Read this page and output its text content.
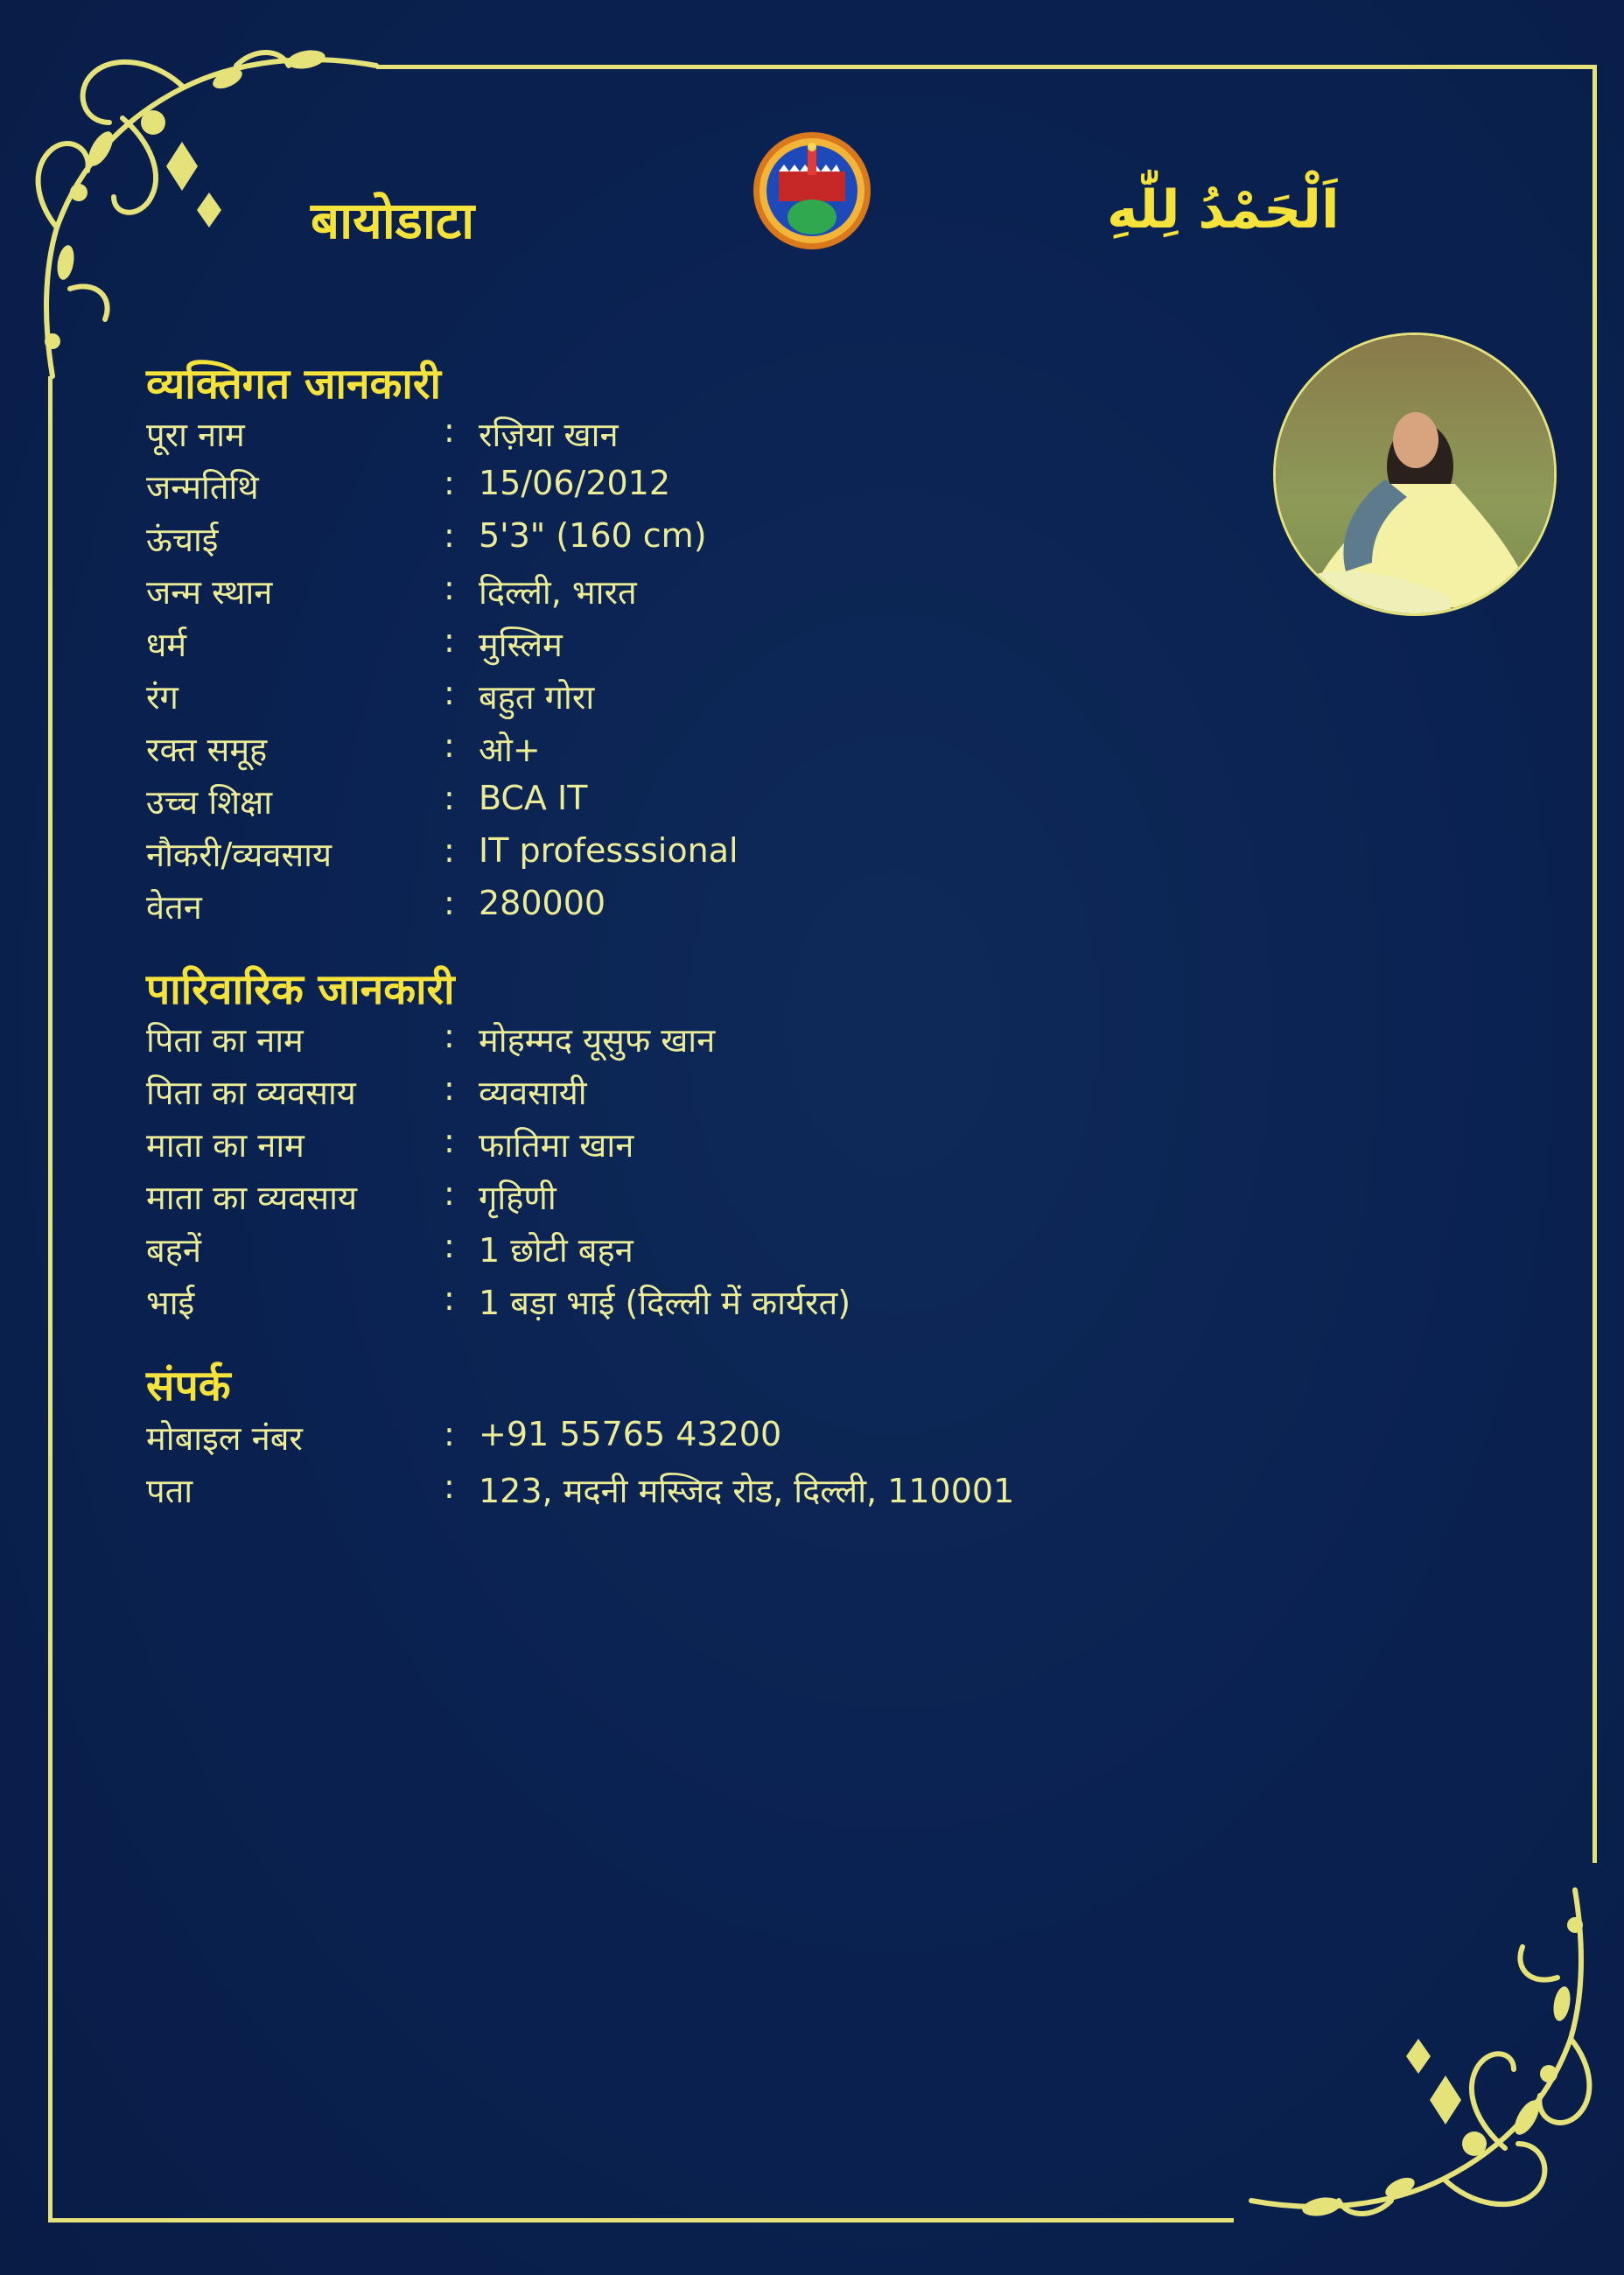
बायोडाटा	اَلْحَمْدُ لِلّٰهِ
व्यक्तिगत जानकारी
पूरा नाम	: रज़िया खान
जन्मतिथि	: 15/06/2012
ऊंचाई	: 5'3" (160 cm)
जन्म स्थान	: दिल्ली, भारत
धर्म	: मुस्लिम
रंग	: बहुत गोरा
रक्त समूह	: ओ+
उच्च शिक्षा	: BCA IT
नौकरी/व्यवसाय	: IT professsional
वेतन	: 280000
पारिवारिक जानकारी
पिता का नाम	: मोहम्मद यूसुफ खान
पिता का व्यवसाय	: व्यवसायी
माता का नाम	: फातिमा खान
माता का व्यवसाय	: गृहिणी
बहनें	: 1 छोटी बहन
भाई	: 1 बड़ा भाई (दिल्ली में कार्यरत)
संपर्क
मोबाइल नंबर	: +91 55765 43200
पता	: 123, मदनी मस्जिद रोड, दिल्ली, 110001
